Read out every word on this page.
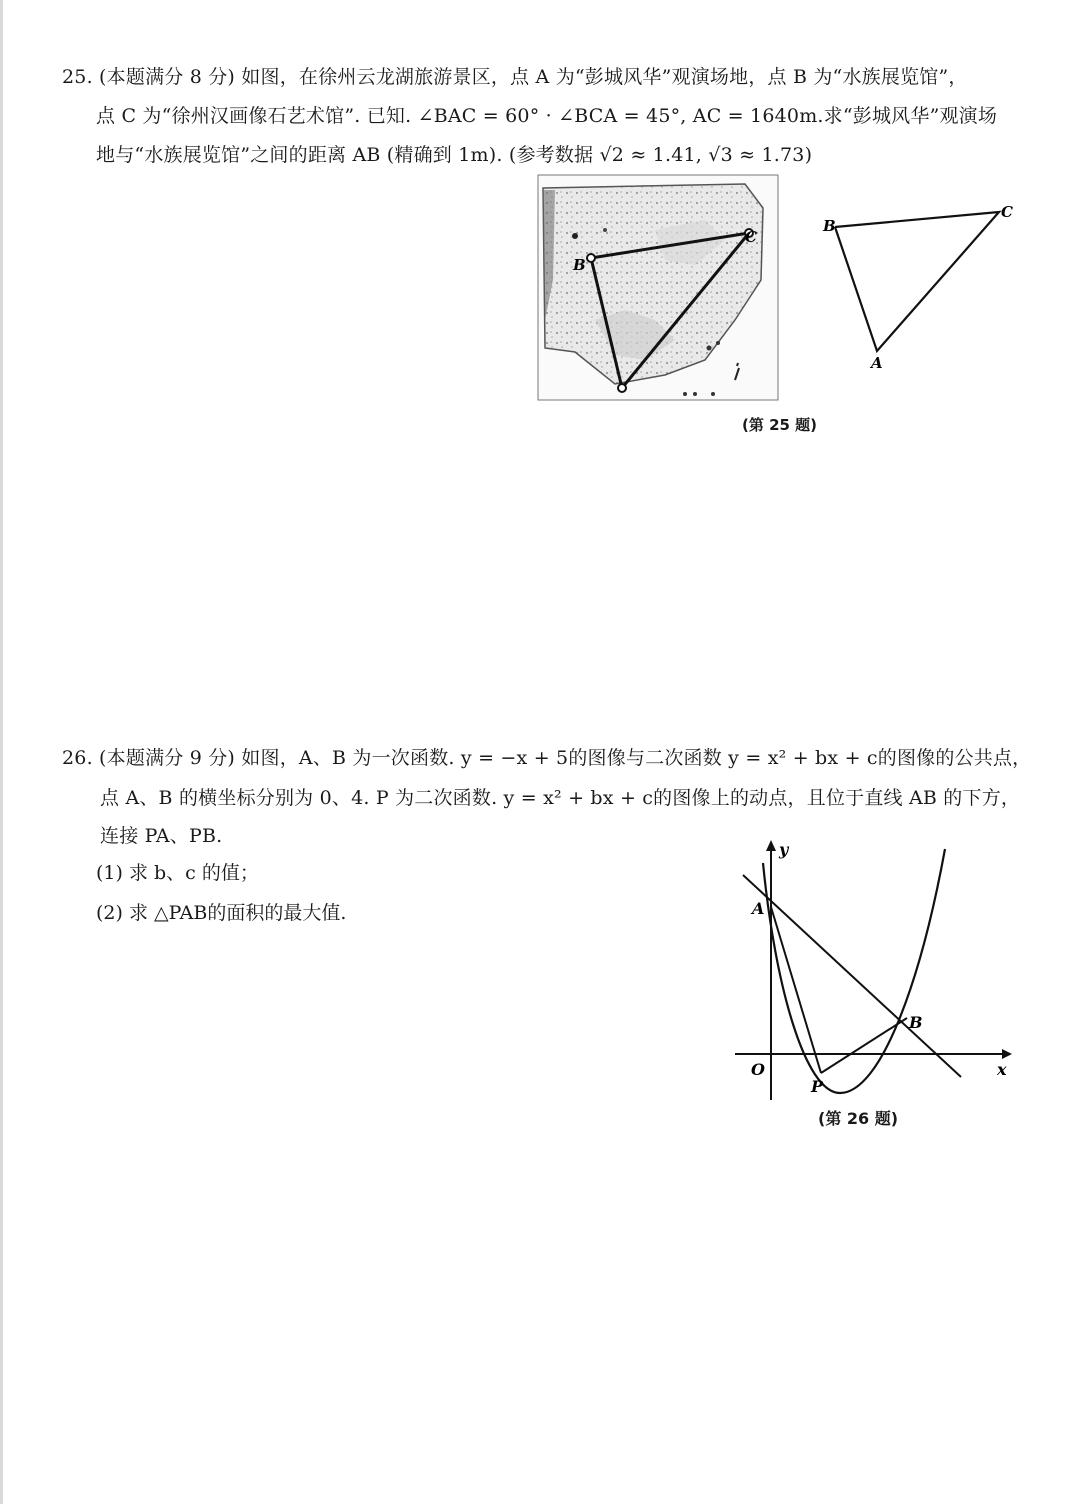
25. (本题满分 8 分) 如图，在徐州云龙湖旅游景区，点 A 为“彭城风华”观演场地，点 B 为“水族展览馆”，
点 C 为“徐州汉画像石艺术馆”. 已知. ∠BAC = 60° · ∠BCA = 45°, AC = 1640m.求“彭城风华”观演场
地与“水族展览馆”之间的距离 AB (精确到 1m). (参考数据 √2 ≈ 1.41, √3 ≈ 1.73)
B
C
B
C
A
(第 25 题)
26. (本题满分 9 分) 如图，A、B 为一次函数. y = −x + 5的图像与二次函数 y = x² + bx + c的图像的公共点，
点 A、B 的横坐标分别为 0、4. P 为二次函数. y = x² + bx + c的图像上的动点，且位于直线 AB 的下方，
连接 PA、PB.
(1) 求 b、c 的值；
(2) 求 △PAB的面积的最大值.
y
x
O
A
B
P
(第 26 题)
